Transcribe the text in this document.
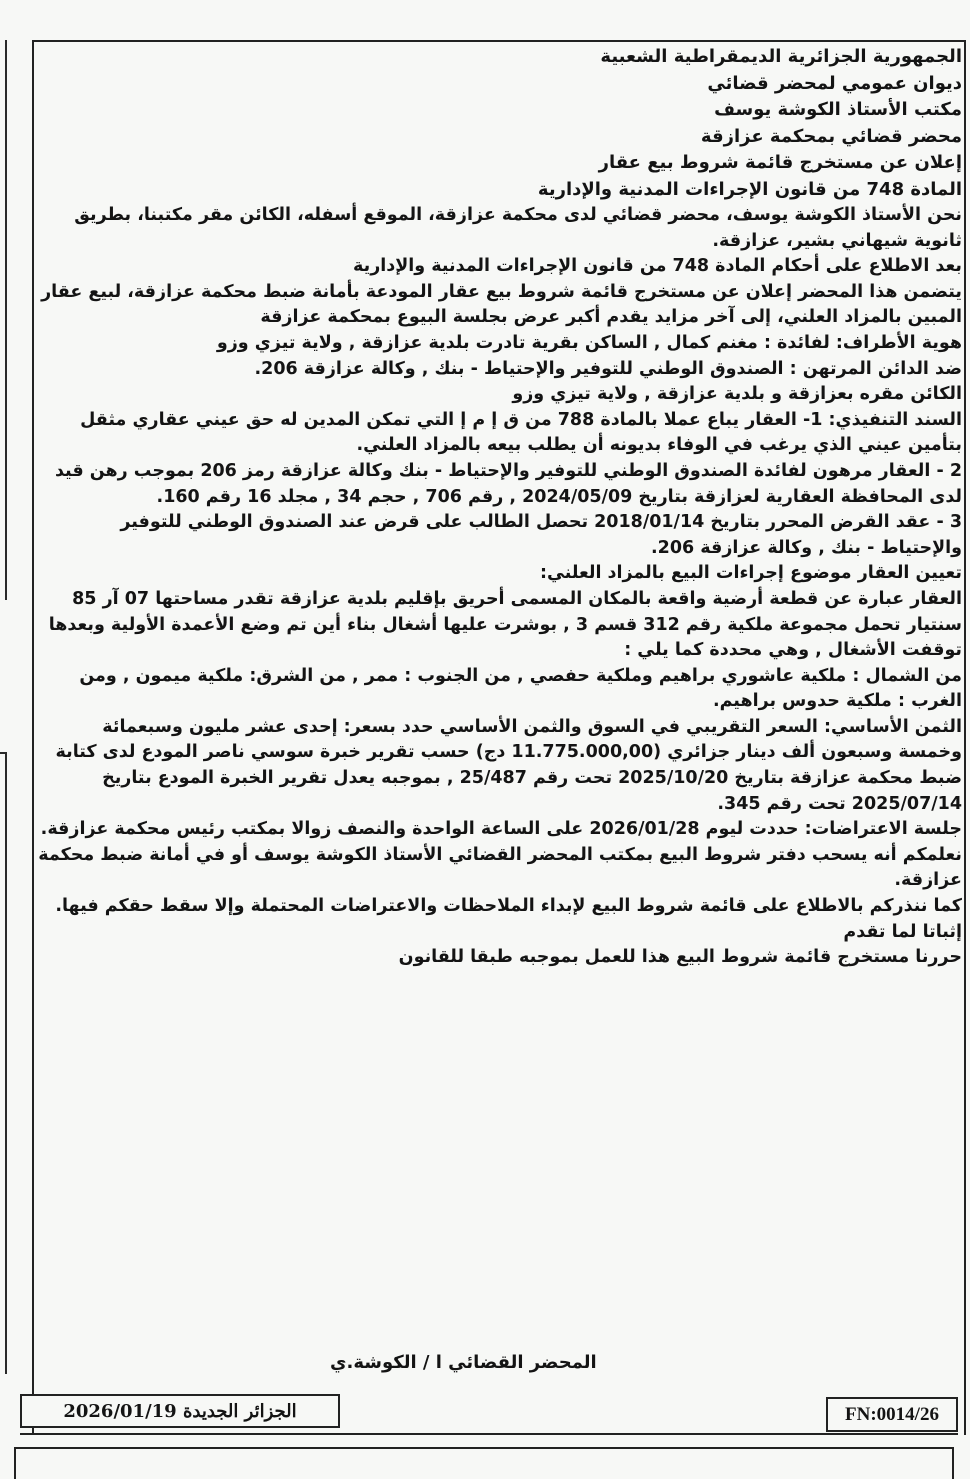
الجمهورية الجزائرية الديمقراطية الشعبية
ديوان عمومي لمحضر قضائي
مكتب الأستاذ الكوشة يوسف
محضر قضائي بمحكمة عزازقة
إعلان عن مستخرج قائمة شروط بيع عقار
المادة 748 من قانون الإجراءات المدنية والإدارية

نحن الأستاذ الكوشة يوسف، محضر قضائي لدى محكمة عزازقة، الموقع أسفله، الكائن مقر مكتبنا، بطريق ثانوية شيهاني بشير، عزازقة.

بعد الاطلاع على أحكام المادة 748 من قانون الإجراءات المدنية والإدارية

يتضمن هذا المحضر إعلان عن مستخرج قائمة شروط بيع عقار المودعة بأمانة ضبط محكمة عزازقة، لبيع عقار المبين بالمزاد العلني، إلى آخر مزايد يقدم أكبر عرض بجلسة البيوع بمحكمة عزازقة

هوية الأطراف: لفائدة : مغنم كمال , الساكن بقرية تادرت بلدية عزازقة , ولاية تيزي وزو

ضد الدائن المرتهن : الصندوق الوطني للتوفير والإحتياط - بنك , وكالة عزازقة 206.

الكائن مقره بعزازقة و بلدية عزازقة , ولاية تيزي وزو

السند التنفيذي: 1- العقار يباع عملا بالمادة 788 من ق إ م إ التي تمكن المدين له حق عيني عقاري مثقل بتأمين عيني الذي يرغب في الوفاء بديونه أن يطلب بيعه بالمزاد العلني.

2 - العقار مرهون لفائدة الصندوق الوطني للتوفير والإحتياط - بنك وكالة عزازقة رمز 206 بموجب رهن قيد لدى المحافظة العقارية لعزازقة بتاريخ 2024/05/09 , رقم 706 , حجم 34 , مجلد 16 رقم 160.

3 - عقد القرض المحرر بتاريخ 2018/01/14 تحصل الطالب على قرض عند الصندوق الوطني للتوفير والإحتياط - بنك , وكالة عزازقة 206.

تعيين العقار موضوع إجراءات البيع بالمزاد العلني:

العقار عبارة عن قطعة أرضية واقعة بالمكان المسمى أحريق بإقليم بلدية عزازقة تقدر مساحتها 07 آر 85 سنتيار تحمل مجموعة ملكية رقم 312 قسم 3 , بوشرت عليها أشغال بناء أين تم وضع الأعمدة الأولية وبعدها توقفت الأشغال , وهي محددة كما يلي :

من الشمال : ملكية عاشوري براهيم وملكية حفصي , من الجنوب : ممر , من الشرق: ملكية ميمون , ومن الغرب : ملكية حدوس براهيم.

الثمن الأساسي: السعر التقريبي في السوق والثمن الأساسي حدد بسعر: إحدى عشر مليون وسبعمائة وخمسة وسبعون ألف دينار جزائري (11.775.000,00 دج) حسب تقرير خبرة سوسي ناصر المودع لدى كتابة ضبط محكمة عزازقة بتاريخ 2025/10/20 تحت رقم 25/487 , بموجبه يعدل تقرير الخبرة المودع بتاريخ 2025/07/14 تحت رقم 345.

جلسة الاعتراضات: حددت ليوم 2026/01/28 على الساعة الواحدة والنصف زوالا بمكتب رئيس محكمة عزازقة.

نعلمكم أنه يسحب دفتر شروط البيع بمكتب المحضر القضائي الأستاذ الكوشة يوسف أو في أمانة ضبط محكمة عزازقة.

كما ننذركم بالاطلاع على قائمة شروط البيع لإبداء الملاحظات والاعتراضات المحتملة وإلا سقط حقكم فيها.

إثباتا لما تقدم

حررنا مستخرج قائمة شروط البيع هذا للعمل بموجبه طبقا للقانون

المحضر القضائي ا / الكوشة.ي
الجزائر الجديدة 2026/01/19	FN:0014/26
